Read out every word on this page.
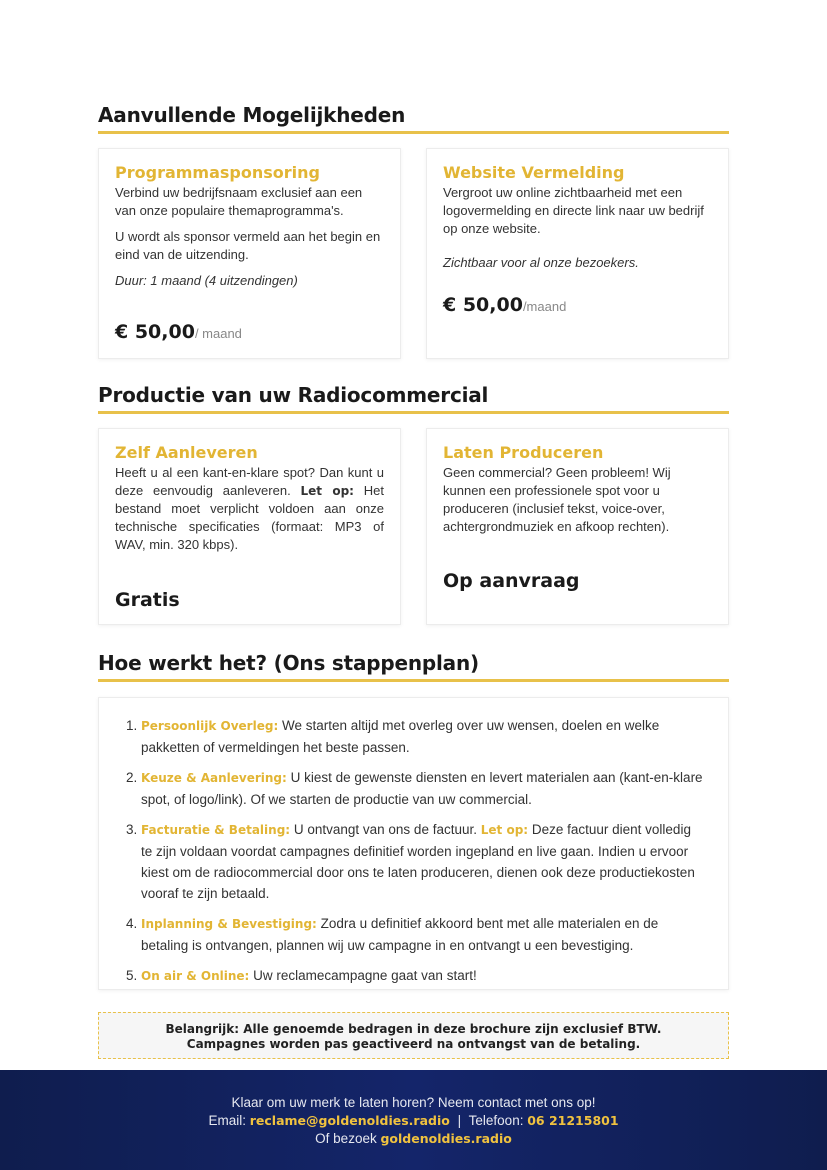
Aanvullende Mogelijkheden
Programmasponsoring

Verbind uw bedrijfsnaam exclusief aan een van onze populaire themaprogramma's.

U wordt als sponsor vermeld aan het begin en eind van de uitzending.

Duur: 1 maand (4 uitzendingen)

€ 50,00/ maand
Website Vermelding

Vergroot uw online zichtbaarheid met een logovermelding en directe link naar uw bedrijf op onze website.

Zichtbaar voor al onze bezoekers.

€ 50,00/maand
Productie van uw Radiocommercial
Zelf Aanleveren
Heeft u al een kant-en-klare spot? Dan kunt u deze eenvoudig aanleveren. Let op: Het bestand moet verplicht voldoen aan onze technische specificaties (formaat: MP3 of WAV, min. 320 kbps).
Gratis
Laten Produceren
Geen commercial? Geen probleem! Wij kunnen een professionele spot voor u produceren (inclusief tekst, voice-over, achtergrondmuziek en afkoop rechten).
Op aanvraag
Hoe werkt het? (Ons stappenplan)
1. Persoonlijk Overleg: We starten altijd met overleg over uw wensen, doelen en welke pakketten of vermeldingen het beste passen.
2. Keuze & Aanlevering: U kiest de gewenste diensten en levert materialen aan (kant-en-klare spot, of logo/link). Of we starten de productie van uw commercial.
3. Facturatie & Betaling: U ontvangt van ons de factuur. Let op: Deze factuur dient volledig te zijn voldaan voordat campagnes definitief worden ingepland en live gaan. Indien u ervoor kiest om de radiocommercial door ons te laten produceren, dienen ook deze productiekosten vooraf te zijn betaald.
4. Inplanning & Bevestiging: Zodra u definitief akkoord bent met alle materialen en de betaling is ontvangen, plannen wij uw campagne in en ontvangt u een bevestiging.
5. On air & Online: Uw reclamecampagne gaat van start!
Belangrijk: Alle genoemde bedragen in deze brochure zijn exclusief BTW.
Campagnes worden pas geactiveerd na ontvangst van de betaling.
Klaar om uw merk te laten horen? Neem contact met ons op!
Email: reclame@goldenoldies.radio | Telefoon: 06 21215801
Of bezoek goldenoldies.radio
